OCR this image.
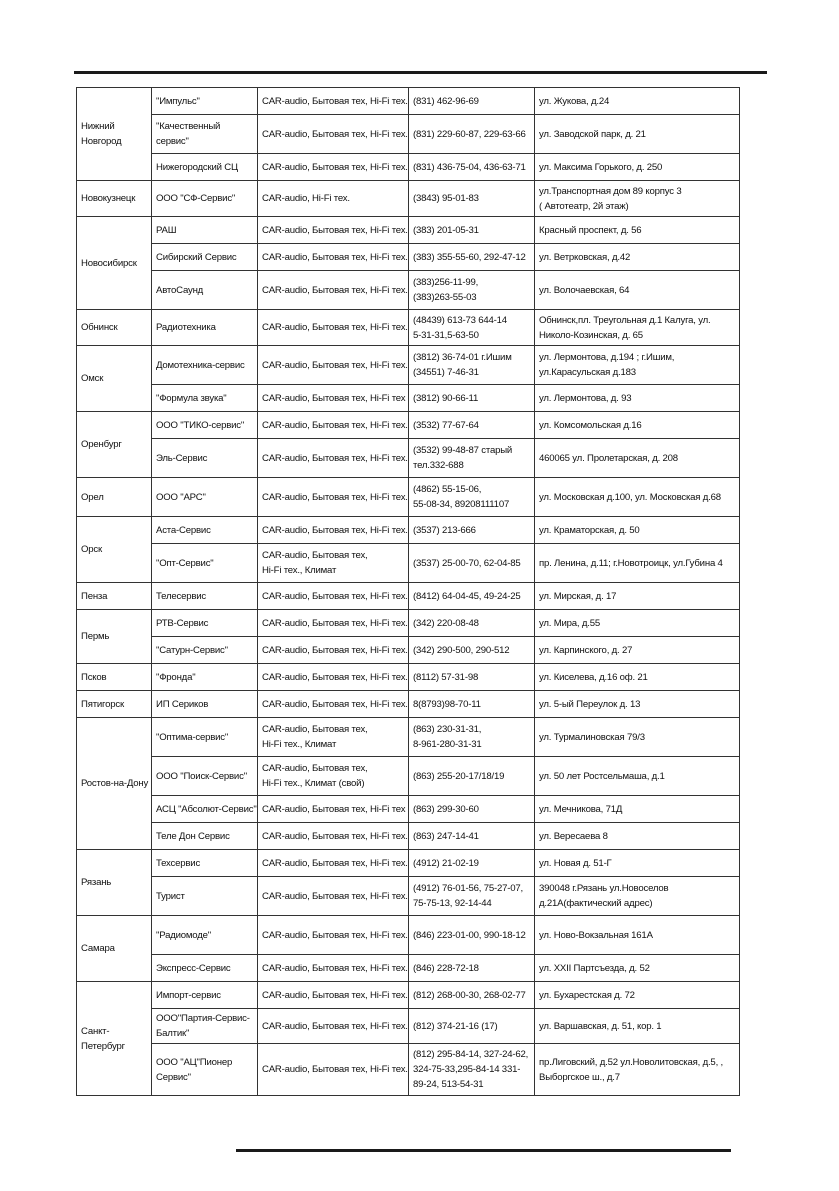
Нижний
Новгород	"Импульс"	CAR-audio, Бытовая тех, Hi-Fi тех.	(831) 462-96-69	ул. Жукова, д.24

	"Качественный
сервис"	CAR-audio, Бытовая тех, Hi-Fi тех.	(831) 229-60-87, 229-63-66	ул. Заводской парк, д. 21

	Нижегородский СЦ	CAR-audio, Бытовая тех, Hi-Fi тех.	(831) 436-75-04, 436-63-71	ул. Максима Горького, д. 250

Новокузнецк	ООО "СФ-Сервис"	CAR-audio, Hi-Fi тех.	(3843) 95-01-83	ул.Транспортная дом 89 корпус 3
( Автотеатр, 2й этаж)

Новосибирск	РАШ	CAR-audio, Бытовая тех, Hi-Fi тех.	(383) 201-05-31	Красный проспект, д. 56

	Сибирский Сервис	CAR-audio, Бытовая тех, Hi-Fi тех.	(383) 355-55-60, 292-47-12	ул. Ветрковская, д.42

	АвтоСаунд	CAR-audio, Бытовая тех, Hi-Fi тех.	(383)256-11-99,
(383)263-55-03	ул. Волочаевская, 64

Обнинск	Радиотехника	CAR-audio, Бытовая тех, Hi-Fi тех.	(48439) 613-73 644-14
5-31-31,5-63-50	Обнинск,пл. Треугольная д.1 Калуга, ул.
Николо-Козинская, д. 65

Омск	Домотехника-сервис	CAR-audio, Бытовая тех, Hi-Fi тех.	(3812) 36-74-01 г.Ишим
(34551) 7-46-31	ул. Лермонтова, д.194 ; г.Ишим,
ул.Карасульская д.183

	"Формула звука"	CAR-audio, Бытовая тех, Hi-Fi тех	(3812) 90-66-11	ул. Лермонтова, д. 93

Оренбург	ООО "ТИКО-сервис"	CAR-audio, Бытовая тех, Hi-Fi тех.	(3532) 77-67-64	ул. Комсомольская д.16

	Эль-Сервис	CAR-audio, Бытовая тех, Hi-Fi тех.	(3532) 99-48-87 старый
тел.332-688	460065 ул. Пролетарская, д. 208

Орел	ООО "АРС"	CAR-audio, Бытовая тех, Hi-Fi тех.	(4862) 55-15-06,
55-08-34, 89208111107	ул. Московская д.100, ул. Московская д.68

Орск	Аста-Сервис	CAR-audio, Бытовая тех, Hi-Fi тех.	(3537) 213-666	ул. Краматорская, д. 50

	"Опт-Сервис"	CAR-audio, Бытовая тех,
Hi-Fi тех., Климат	(3537) 25-00-70, 62-04-85	пр. Ленина, д.11; г.Новотроицк, ул.Губина 4

Пенза	Телесервис	CAR-audio, Бытовая тех, Hi-Fi тех.	(8412) 64-04-45, 49-24-25	ул. Мирская, д. 17

Пермь	РТВ-Сервис	CAR-audio, Бытовая тех, Hi-Fi тех.	(342) 220-08-48	ул. Мира, д.55

	"Сатурн-Сервис"	CAR-audio, Бытовая тех, Hi-Fi тех.	(342) 290-500, 290-512	ул. Карпинского, д. 27

Псков	"Фронда"	CAR-audio, Бытовая тех, Hi-Fi тех.	(8112) 57-31-98	ул. Киселева, д.16 оф. 21

Пятигорск	ИП Сериков	CAR-audio, Бытовая тех, Hi-Fi тех.	8(8793)98-70-11	ул. 5-ый Переулок д. 13

Ростов-на-Дону	"Оптима-сервис"	CAR-audio, Бытовая тех,
Hi-Fi тех., Климат	(863) 230-31-31,
8-961-280-31-31	ул. Турмалиновская 79/3

	ООО "Поиск-Сервис"	CAR-audio, Бытовая тех,
Hi-Fi тех., Климат (свой)	(863) 255-20-17/18/19	ул. 50 лет Ростсельмаша, д.1

	АСЦ "Абсолют-Сервис"	CAR-audio, Бытовая тех, Hi-Fi тех	(863) 299-30-60	ул. Мечникова, 71Д

	Теле Дон Сервис	CAR-audio, Бытовая тех, Hi-Fi тех.	(863) 247-14-41	ул. Вересаева 8

Рязань	Техсервис	CAR-audio, Бытовая тех, Hi-Fi тех.	(4912) 21-02-19	ул. Новая д. 51-Г

	Турист	CAR-audio, Бытовая тех, Hi-Fi тех.	(4912) 76-01-56, 75-27-07,
75-75-13, 92-14-44	390048 г.Рязань ул.Новоселов
д.21А(фактический адрес)

Самара	"Радиомоде"	CAR-audio, Бытовая тех, Hi-Fi тех.	(846) 223-01-00, 990-18-12	ул. Ново-Вокзальная 161А

	Экспресс-Сервис	CAR-audio, Бытовая тех, Hi-Fi тех.	(846) 228-72-18	ул. XXII Партсъезда, д. 52

Санкт-
Петербург	Импорт-сервис	CAR-audio, Бытовая тех, Hi-Fi тех.	(812) 268-00-30, 268-02-77	ул. Бухарестская д. 72

	ООО"Партия-Сервис-
Балтик"	CAR-audio, Бытовая тех, Hi-Fi тех.	(812) 374-21-16 (17)	ул. Варшавская, д. 51, кор. 1

	ООО "АЦ"Пионер
Сервис"	CAR-audio, Бытовая тех, Hi-Fi тех.	(812) 295-84-14, 327-24-62,
324-75-33,295-84-14 331-
89-24, 513-54-31	пр.Лиговский, д.52 ул.Новолитовская, д.5, ,
Выборгское ш., д.7
